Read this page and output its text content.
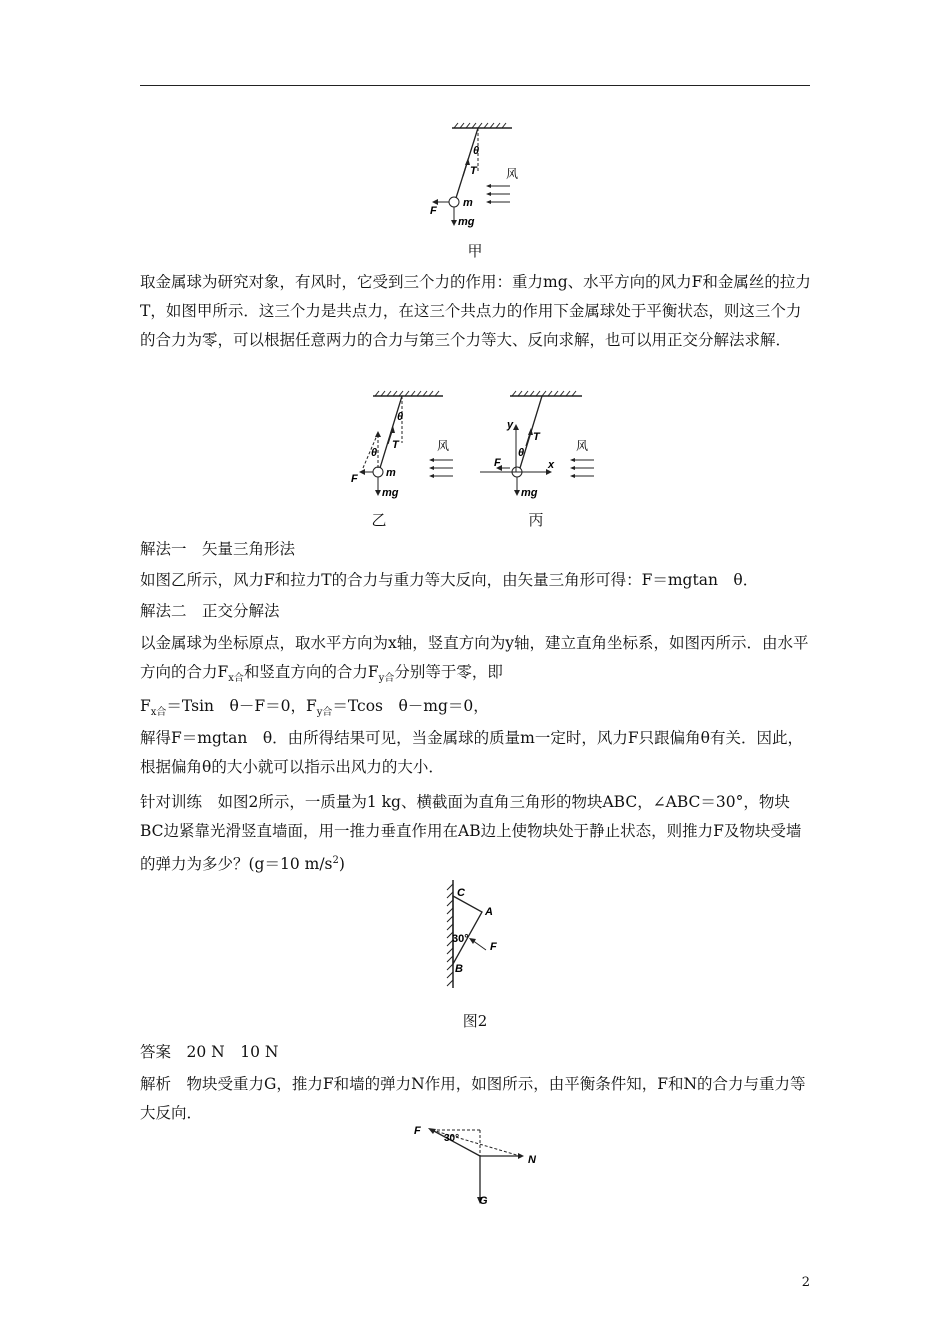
θ
T 风
m
F
mg
甲

取金属球为研究对象，有风时，它受到三个力的作用：重力mg、水平方向的风力F和金属丝的拉力T，如图甲所示．这三个力是共点力，在这三个共点力的作用下金属球处于平衡状态，则这三个力的合力为零，可以根据任意两力的合力与第三个力等大、反向求解，也可以用正交分解法求解．

θ
T
θ	风
m
F
mg
乙
y
T
θ	风
F	x
mg
丙

解法一　矢量三角形法

如图乙所示，风力F和拉力T的合力与重力等大反向，由矢量三角形可得：F＝mgtan　θ．

解法二　正交分解法

以金属球为坐标原点，取水平方向为x轴，竖直方向为y轴，建立直角坐标系，如图丙所示．由水平方向的合力$F_{x合}$和竖直方向的合力$F_{y合}$分别等于零，即

$F_{x合}=Tsin$　θ－F＝0，$F_{y合}=Tcos$　θ－mg＝0，

解得F＝mgtan　θ．由所得结果可见，当金属球的质量m一定时，风力F只跟偏角θ有关．因此，根据偏角θ的大小就可以指示出风力的大小．

针对训练　如图2所示，一质量为1 kg、横截面为直角三角形的物块ABC，∠ABC＝30°，物块BC边紧靠光滑竖直墙面，用一推力垂直作用在AB边上使物块处于静止状态，则推力F及物块受墙的弹力为多少？(g＝10 $m/s^2$)

C
A
30°
F
B
图2

答案　20 N　10 N

解析　物块受重力G，推力F和墙的弹力N作用，如图所示，由平衡条件知，F和N的合力与重力等大反向．

F
30°
N
G
2
